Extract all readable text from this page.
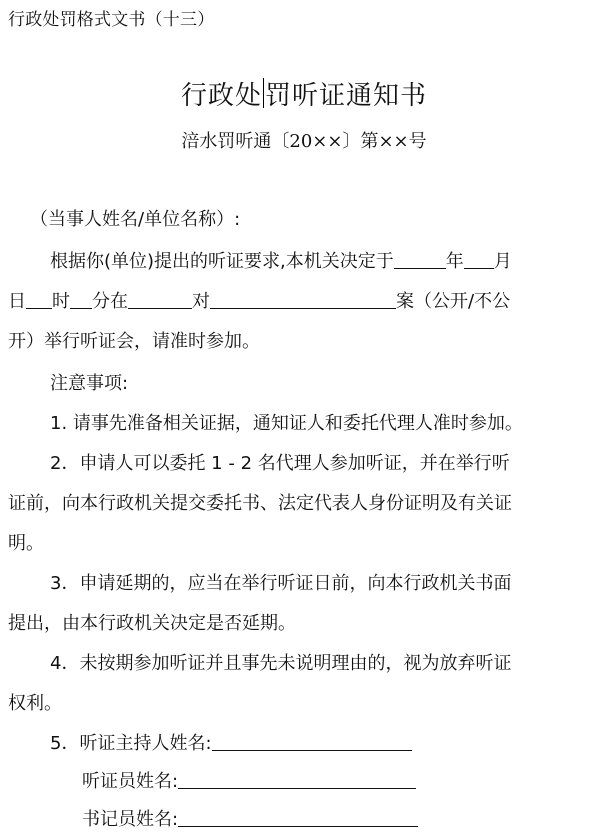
行政处罚格式文书（十三）
行政处 罚听证通知书
涪水罚听通〔20××〕第××号
（当事人姓名/单位名称）:
根据你(单位)提出的听证要求,本机关决定于	年 月
日 时 分在	对	案（公开/不公
开）举行听证会，请准时参加。
注意事项:
1. 请事先准备相关证据，通知证人和委托代理人准时参加。
2．申请人可以委托 1 - 2 名代理人参加听证，并在举行听
证前，向本行政机关提交委托书、法定代表人身份证明及有关证
明。
3．申请延期的，应当在举行听证日前，向本行政机关书面
提出，由本行政机关决定是否延期。
4．未按期参加听证并且事先未说明理由的，视为放弃听证
权利。
5．听证主持人姓名:
听证员姓名:
书记员姓名:
